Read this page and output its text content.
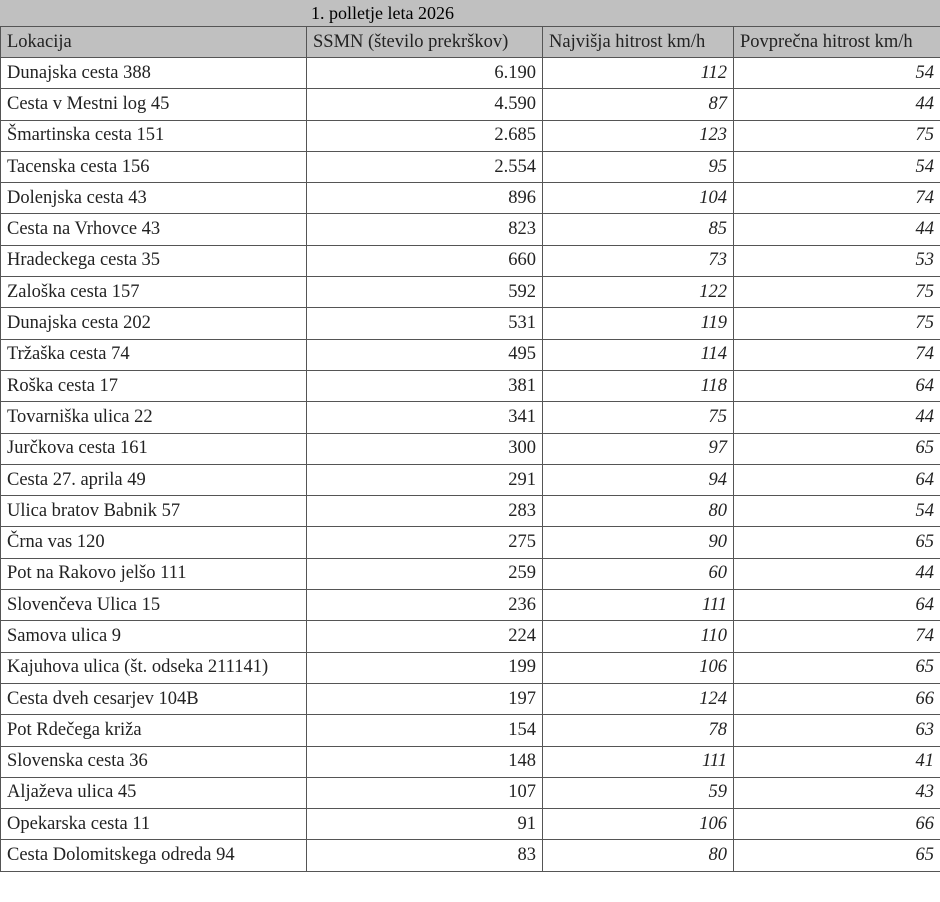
1. polletje leta 2026
Lokacija	SSMN (število prekrškov)	Najvišja hitrost km/h	Povprečna hitrost km/h
Dunajska cesta 388	6.190	112	54
Cesta v Mestni log 45	4.590	87	44
Šmartinska cesta 151	2.685	123	75
Tacenska cesta 156	2.554	95	54
Dolenjska cesta 43	896	104	74
Cesta na Vrhovce 43	823	85	44
Hradeckega cesta 35	660	73	53
Zaloška cesta 157	592	122	75
Dunajska cesta 202	531	119	75
Tržaška cesta 74	495	114	74
Roška cesta 17	381	118	64
Tovarniška ulica 22	341	75	44
Jurčkova cesta 161	300	97	65
Cesta 27. aprila 49	291	94	64
Ulica bratov Babnik 57	283	80	54
Črna vas 120	275	90	65
Pot na Rakovo jelšo 111	259	60	44
Slovenčeva Ulica 15	236	111	64
Samova ulica 9	224	110	74
Kajuhova ulica (št. odseka 211141)	199	106	65
Cesta dveh cesarjev 104B	197	124	66
Pot Rdečega križa	154	78	63
Slovenska cesta 36	148	111	41
Aljaževa ulica 45	107	59	43
Opekarska cesta 11	91	106	66
Cesta Dolomitskega odreda 94	83	80	65
